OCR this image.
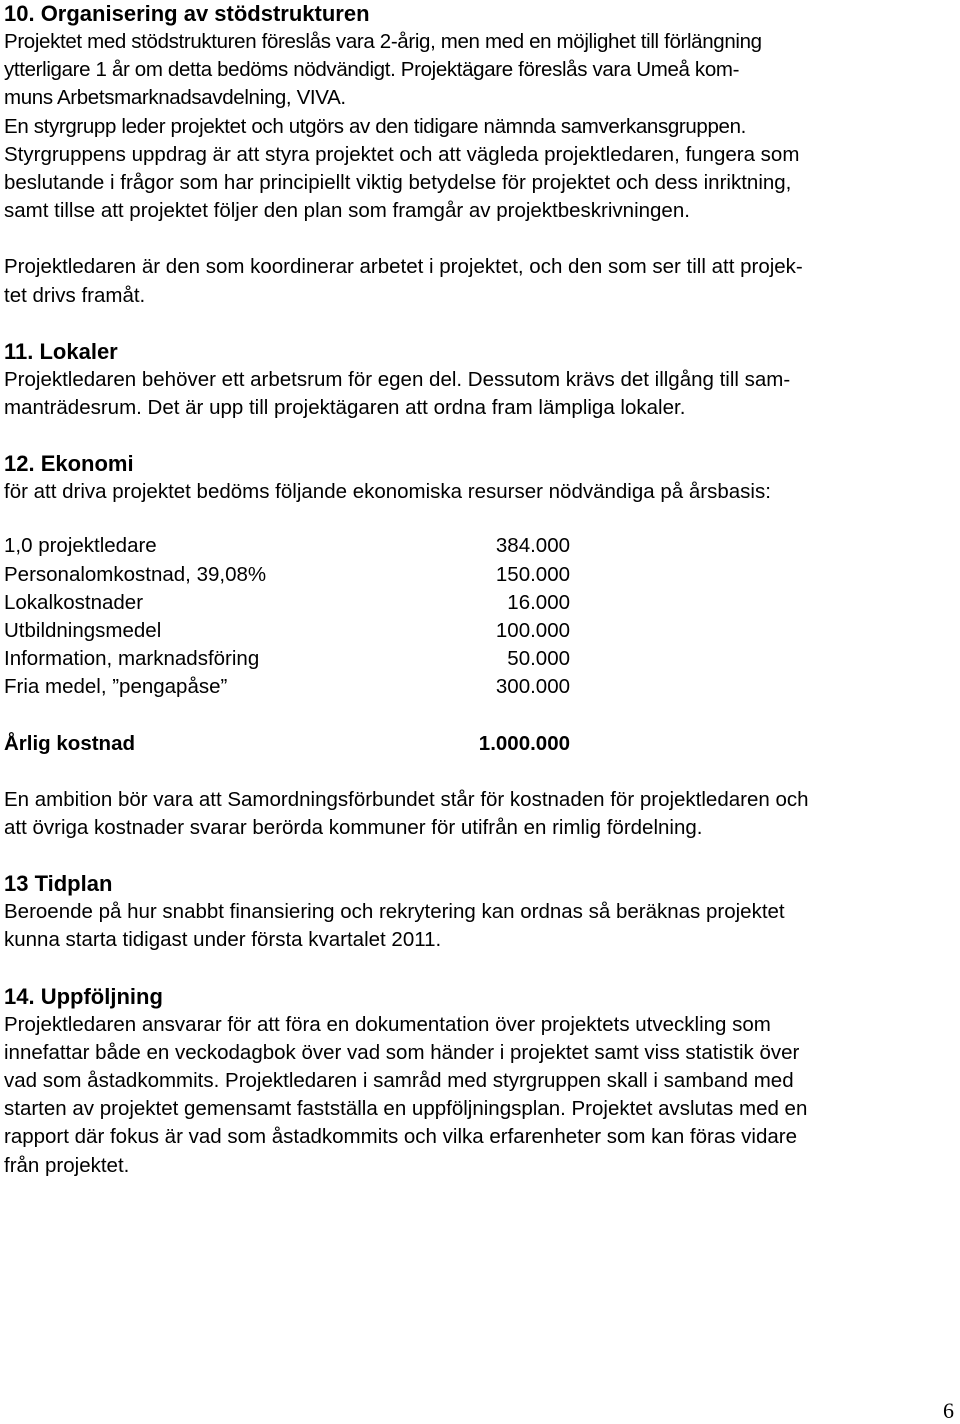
10. Organisering av stödstrukturen

Projektet med stödstrukturen föreslås vara 2-årig, men med en möjlighet till förlängning
ytterligare 1 år om detta bedöms nödvändigt. Projektägare föreslås vara Umeå kom-
muns Arbetsmarknadsavdelning, VIVA.
En styrgrupp leder projektet och utgörs av den tidigare nämnda samverkansgruppen.

Styrgruppens uppdrag är att styra projektet och att vägleda projektledaren, fungera som
beslutande i frågor som har principiellt viktig betydelse för projektet och dess inriktning,
samt tillse att projektet följer den plan som framgår av projektbeskrivningen.

Projektledaren är den som koordinerar arbetet i projektet, och den som ser till att projek-
tet drivs framåt.

11. Lokaler

Projektledaren behöver ett arbetsrum för egen del. Dessutom krävs det illgång till sam-
manträdesrum. Det är upp till projektägaren att ordna fram lämpliga lokaler.

12. Ekonomi

för att driva projektet bedöms följande ekonomiska resurser nödvändiga på årsbasis:

1,0 projektledare	384.000
Personalomkostnad, 39,08%	150.000
Lokalkostnader	16.000
Utbildningsmedel	100.000
Information, marknadsföring	50.000
Fria medel, ”pengapåse”	300.000
Årlig kostnad	1.000.000

En ambition bör vara att Samordningsförbundet står för kostnaden för projektledaren och
att övriga kostnader svarar berörda kommuner för utifrån en rimlig fördelning.

13 Tidplan

Beroende på hur snabbt finansiering och rekrytering kan ordnas så beräknas projektet
kunna starta tidigast under första kvartalet 2011.

14. Uppföljning

Projektledaren ansvarar för att föra en dokumentation över projektets utveckling som
innefattar både en veckodagbok över vad som händer i projektet samt viss statistik över
vad som åstadkommits. Projektledaren i samråd med styrgruppen skall i samband med
starten av projektet gemensamt fastställa en uppföljningsplan. Projektet avslutas med en
rapport där fokus är vad som åstadkommits och vilka erfarenheter som kan föras vidare
från projektet.

6
